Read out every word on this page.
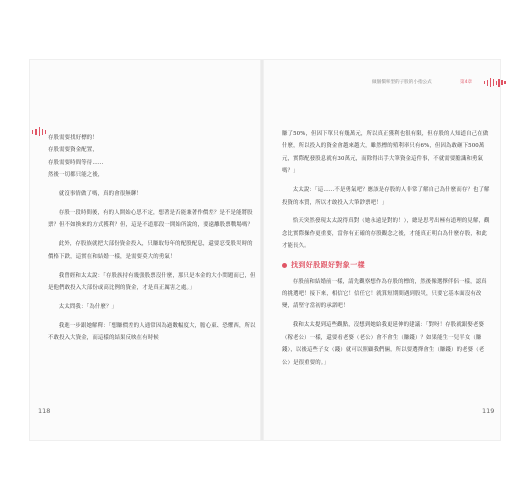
存股需要找好標的！

存股需要資金配置，

存股需要時間等待……

然後一切都只能之後，

就沒事情做了嗎，真的會很無聊！

存股一段時間後，有的人開始心思不定，想著是否能兼著作價差？是不是能將股票？但不如換來的方式獲利？但，這是不道那段一開始所說的，要遠離股票戰場嗎？

此外，存股族就把大部份資金投入，只賺取每年的配股配息，還要忍受股災時的價格下跌，這實在和結婚一樣，是需要莫大的勇氣！

我曾經和太太說：「存股族持有幾張股票沒什麼，那只是本金的大小問題而已，但是他們敢投入大部份或高比例的資金，才是真正厲害之處。」

太太問我：「為什麼？」

我進一步跟她解釋：「想賺價差的人通常因為過數幅度大，膽心東、恐懼西，所以不敢投入大資金，而這樣的結果反映在有時候

118
做個價率型的子股的小指公式	第4章

賺了50%，但因下單只有幾萬元，所以真正獲利也很有限，但存股的人知道自己在做什麼，所以投入的資金會越來越大，雖然標的殖利率只有6%，但因為敢砸下500萬元，實際配發股息就有30萬元，而除得出手大筆資金這件事，不就需要膽識和勇氣嗎？」

太太說：「這……不是勇氣吧？應該是存股的人非常了解自己為什麼而存？也了解投資的本質，所以才敢投入大筆鈔票吧！」

恰天突然發現太太說得真對（她永遠是對的！），總是思考出極有道理的見解，觀念比實際操作更重要，當你有正確的存股觀念之後，才能真正明白為什麼存股，和此才能長久。

找到好股跟好對象一樣

存股前和結婚前一樣，請先觀察想作為存股的標的，然後像選擇伴侶一樣，認真的挑選吧！接下來，相信它！信任它！就算短期間遇到股災，只要它基本面沒有改變，請堅守當初的承諾吧！

我和太太提到這些觀點，沒想到她給我更延伸的建議：「對呀！存股就跟娶老婆（稼老公）一樣，還要看老婆（老公）會不會生（賺錢）？如果能生一兒半女（賺錢），以後這些子女（錢）就可以照顧我們倆，所以要選擇會生（賺錢）的老婆（老公）是很重要的。」

119
